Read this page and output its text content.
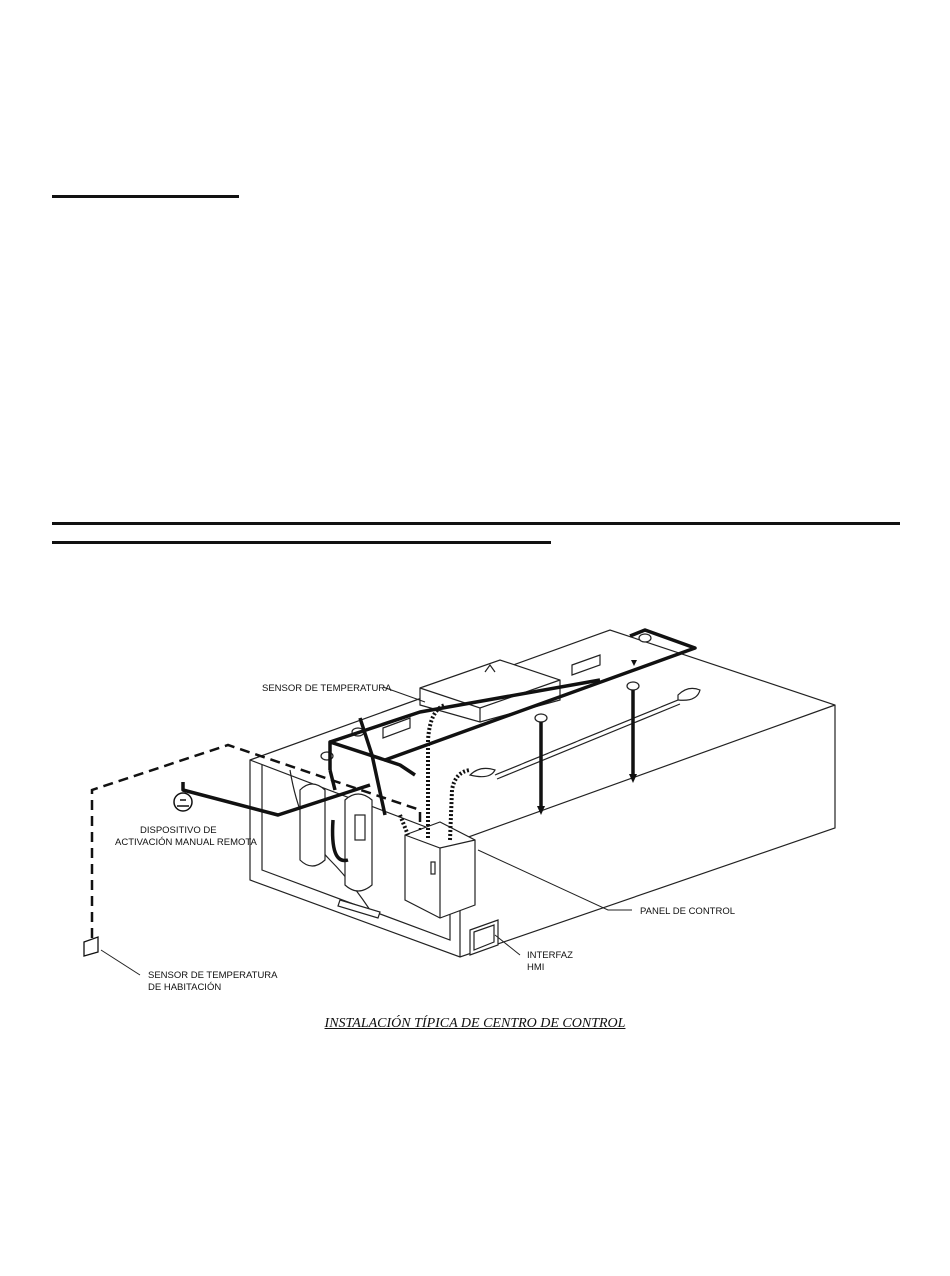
SENSOR DE TEMPERATURA
DISPOSITIVO DE
ACTIVACIÓN MANUAL REMOTA
PANEL DE CONTROL
INTERFAZ
HMI
SENSOR DE TEMPERATURA
DE HABITACIÓN
INSTALACIÓN TÍPICA DE CENTRO DE CONTROL
